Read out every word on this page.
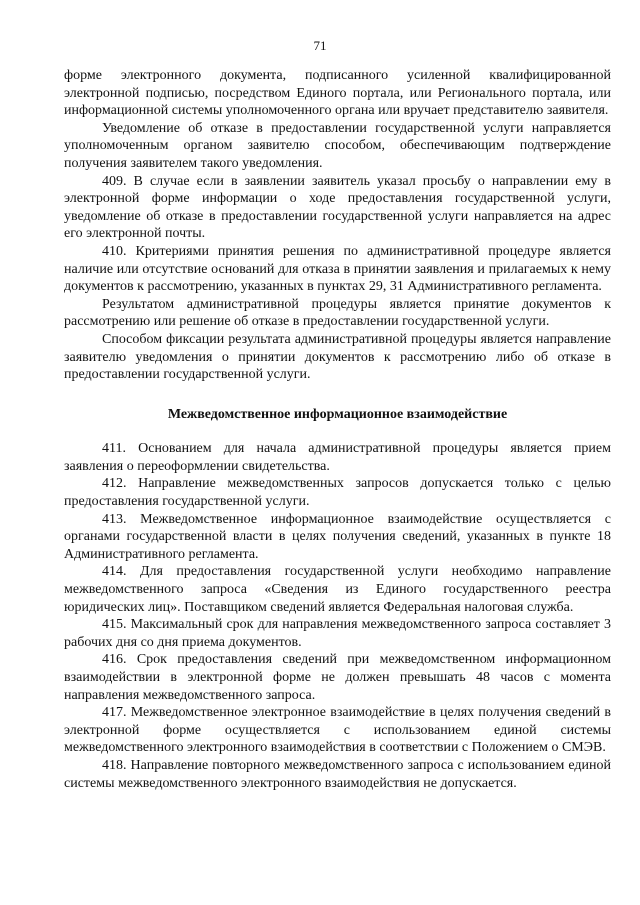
71

форме электронного документа, подписанного усиленной квалифицированной электронной подписью, посредством Единого портала, или Регионального портала, или информационной системы уполномоченного органа или вручает представителю заявителя.

Уведомление об отказе в предоставлении государственной услуги направляется уполномоченным органом заявителю способом, обеспечивающим подтверждение получения заявителем такого уведомления.

409. В случае если в заявлении заявитель указал просьбу о направлении ему в электронной форме информации о ходе предоставления государственной услуги, уведомление об отказе в предоставлении государственной услуги направляется на адрес его электронной почты.

410. Критериями принятия решения по административной процедуре является наличие или отсутствие оснований для отказа в принятии заявления и прилагаемых к нему документов к рассмотрению, указанных в пунктах 29, 31 Административного регламента.

Результатом административной процедуры является принятие документов к рассмотрению или решение об отказе в предоставлении государственной услуги.

Способом фиксации результата административной процедуры является направление заявителю уведомления о принятии документов к рассмотрению либо об отказе в предоставлении государственной услуги.

Межведомственное информационное взаимодействие

411. Основанием для начала административной процедуры является прием заявления о переоформлении свидетельства.

412. Направление межведомственных запросов допускается только с целью предоставления государственной услуги.

413. Межведомственное информационное взаимодействие осуществляется с органами государственной власти в целях получения сведений, указанных в пункте 18 Административного регламента.

414. Для предоставления государственной услуги необходимо направление межведомственного запроса «Сведения из Единого государственного реестра юридических лиц». Поставщиком сведений является Федеральная налоговая служба.

415. Максимальный срок для направления межведомственного запроса составляет 3 рабочих дня со дня приема документов.

416. Срок предоставления сведений при межведомственном информационном взаимодействии в электронной форме не должен превышать 48 часов с момента направления межведомственного запроса.

417. Межведомственное электронное взаимодействие в целях получения сведений в электронной форме осуществляется с использованием единой системы межведомственного электронного взаимодействия в соответствии с Положением о СМЭВ.

418. Направление повторного межведомственного запроса с использованием единой системы межведомственного электронного взаимодействия не допускается.
